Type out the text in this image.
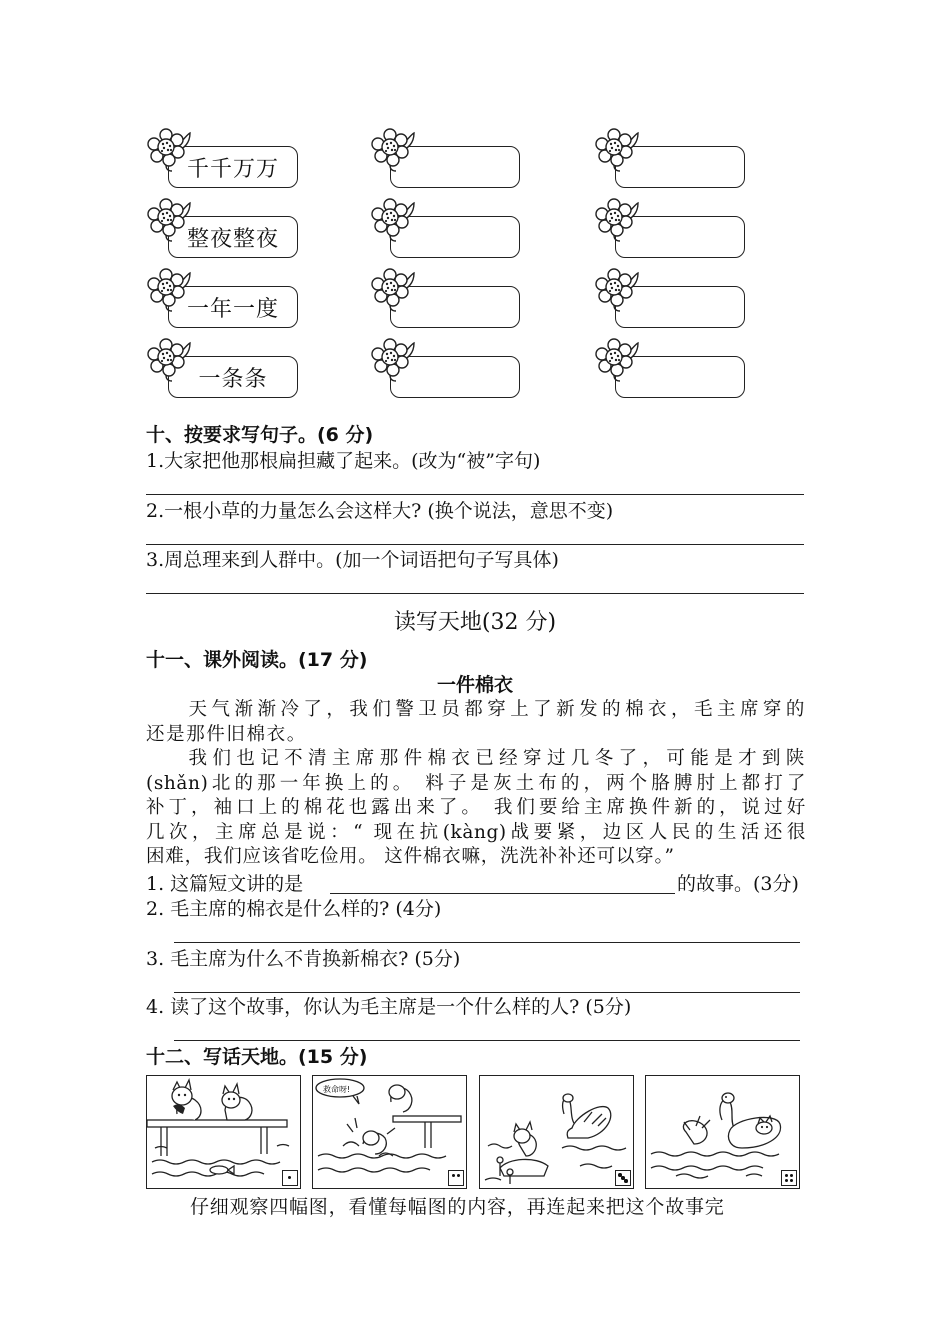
千千万万
整夜整夜
一年一度
一条条
十、按要求写句子。(6 分)
1.大家把他那根扁担藏了起来。(改为“被”字句)
2.一根小草的力量怎么会这样大? (换个说法，意思不变)
3.周总理来到人群中。(加一个词语把句子写具体)
读写天地(32 分)
十一、课外阅读。(17 分)
一件棉衣
天气渐渐冷了，我们警卫员都穿上了新发的棉衣，毛主席穿的
还是那件旧棉衣。
我们也记不清主席那件棉衣已经穿过几冬了，可能是才到陕
(shǎn)北的那一年换上的。 料子是灰土布的，两个胳膊肘上都打了
补丁，袖口上的棉花也露出来了。 我们要给主席换件新的，说过好
几次，主席总是说：“ 现在抗(kàng)战要紧，边区人民的生活还很
困难，我们应该省吃俭用。 这件棉衣嘛，洗洗补补还可以穿。”
1. 这篇短文讲的是	的故事。(3分)
2. 毛主席的棉衣是什么样的? (4分)
3. 毛主席为什么不肯换新棉衣? (5分)
4. 读了这个故事，你认为毛主席是一个什么样的人? (5分)
十二、写话天地。(15 分)
救命呀!
仔细观察四幅图，看懂每幅图的内容，再连起来把这个故事完
